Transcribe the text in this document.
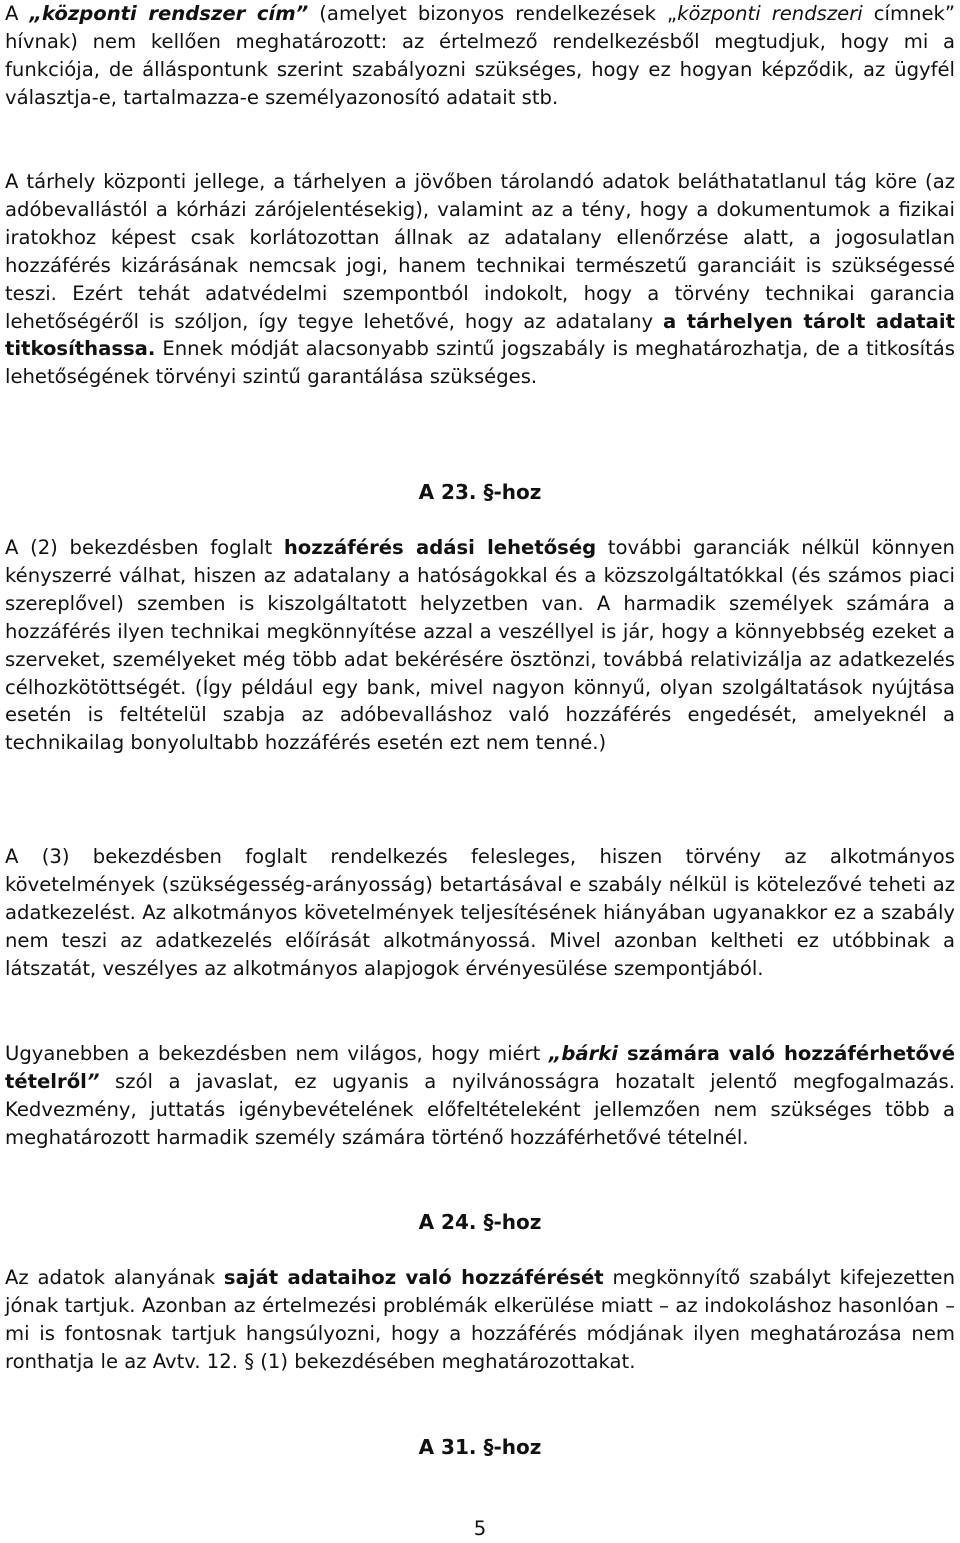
A „központi rendszer cím” (amelyet bizonyos rendelkezések „központi rendszeri címnek” hívnak) nem kellően meghatározott: az értelmező rendelkezésből megtudjuk, hogy mi a funkciója, de álláspontunk szerint szabályozni szükséges, hogy ez hogyan képződik, az ügyfél választja-e, tartalmazza-e személyazonosító adatait stb.

A tárhely központi jellege, a tárhelyen a jövőben tárolandó adatok beláthatatlanul tág köre (az adóbevallástól a kórházi zárójelentésekig), valamint az a tény, hogy a dokumentumok a fizikai iratokhoz képest csak korlátozottan állnak az adatalany ellenőrzése alatt, a jogosulatlan hozzáférés kizárásának nemcsak jogi, hanem technikai természetű garanciáit is szükségessé teszi. Ezért tehát adatvédelmi szempontból indokolt, hogy a törvény technikai garancia lehetőségéről is szóljon, így tegye lehetővé, hogy az adatalany a tárhelyen tárolt adatait titkosíthassa. Ennek módját alacsonyabb szintű jogszabály is meghatározhatja, de a titkosítás lehetőségének törvényi szintű garantálása szükséges.

A 23. §-hoz

A (2) bekezdésben foglalt hozzáférés adási lehetőség további garanciák nélkül könnyen kényszerré válhat, hiszen az adatalany a hatóságokkal és a közszolgáltatókkal (és számos piaci szereplővel) szemben is kiszolgáltatott helyzetben van. A harmadik személyek számára a hozzáférés ilyen technikai megkönnyítése azzal a veszéllyel is jár, hogy a könnyebbség ezeket a szerveket, személyeket még több adat bekérésére ösztönzi, továbbá relativizálja az adatkezelés célhozkötöttségét. (Így például egy bank, mivel nagyon könnyű, olyan szolgáltatások nyújtása esetén is feltételül szabja az adóbevalláshoz való hozzáférés engedését, amelyeknél a technikailag bonyolultabb hozzáférés esetén ezt nem tenné.)

A (3) bekezdésben foglalt rendelkezés felesleges, hiszen törvény az alkotmányos követelmények (szükségesség-arányosság) betartásával e szabály nélkül is kötelezővé teheti az adatkezelést. Az alkotmányos követelmények teljesítésének hiányában ugyanakkor ez a szabály nem teszi az adatkezelés előírását alkotmányossá. Mivel azonban keltheti ez utóbbinak a látszatát, veszélyes az alkotmányos alapjogok érvényesülése szempontjából.

Ugyanebben a bekezdésben nem világos, hogy miért „bárki számára való hozzáférhetővé tételről” szól a javaslat, ez ugyanis a nyilvánosságra hozatalt jelentő megfogalmazás. Kedvezmény, juttatás igénybevételének előfeltételeként jellemzően nem szükséges több a meghatározott harmadik személy számára történő hozzáférhetővé tételnél.

A 24. §-hoz

Az adatok alanyának saját adataihoz való hozzáférését megkönnyítő szabályt kifejezetten jónak tartjuk. Azonban az értelmezési problémák elkerülése miatt – az indokoláshoz hasonlóan – mi is fontosnak tartjuk hangsúlyozni, hogy a hozzáférés módjának ilyen meghatározása nem ronthatja le az Avtv. 12. § (1) bekezdésében meghatározottakat.

A 31. §-hoz
5
